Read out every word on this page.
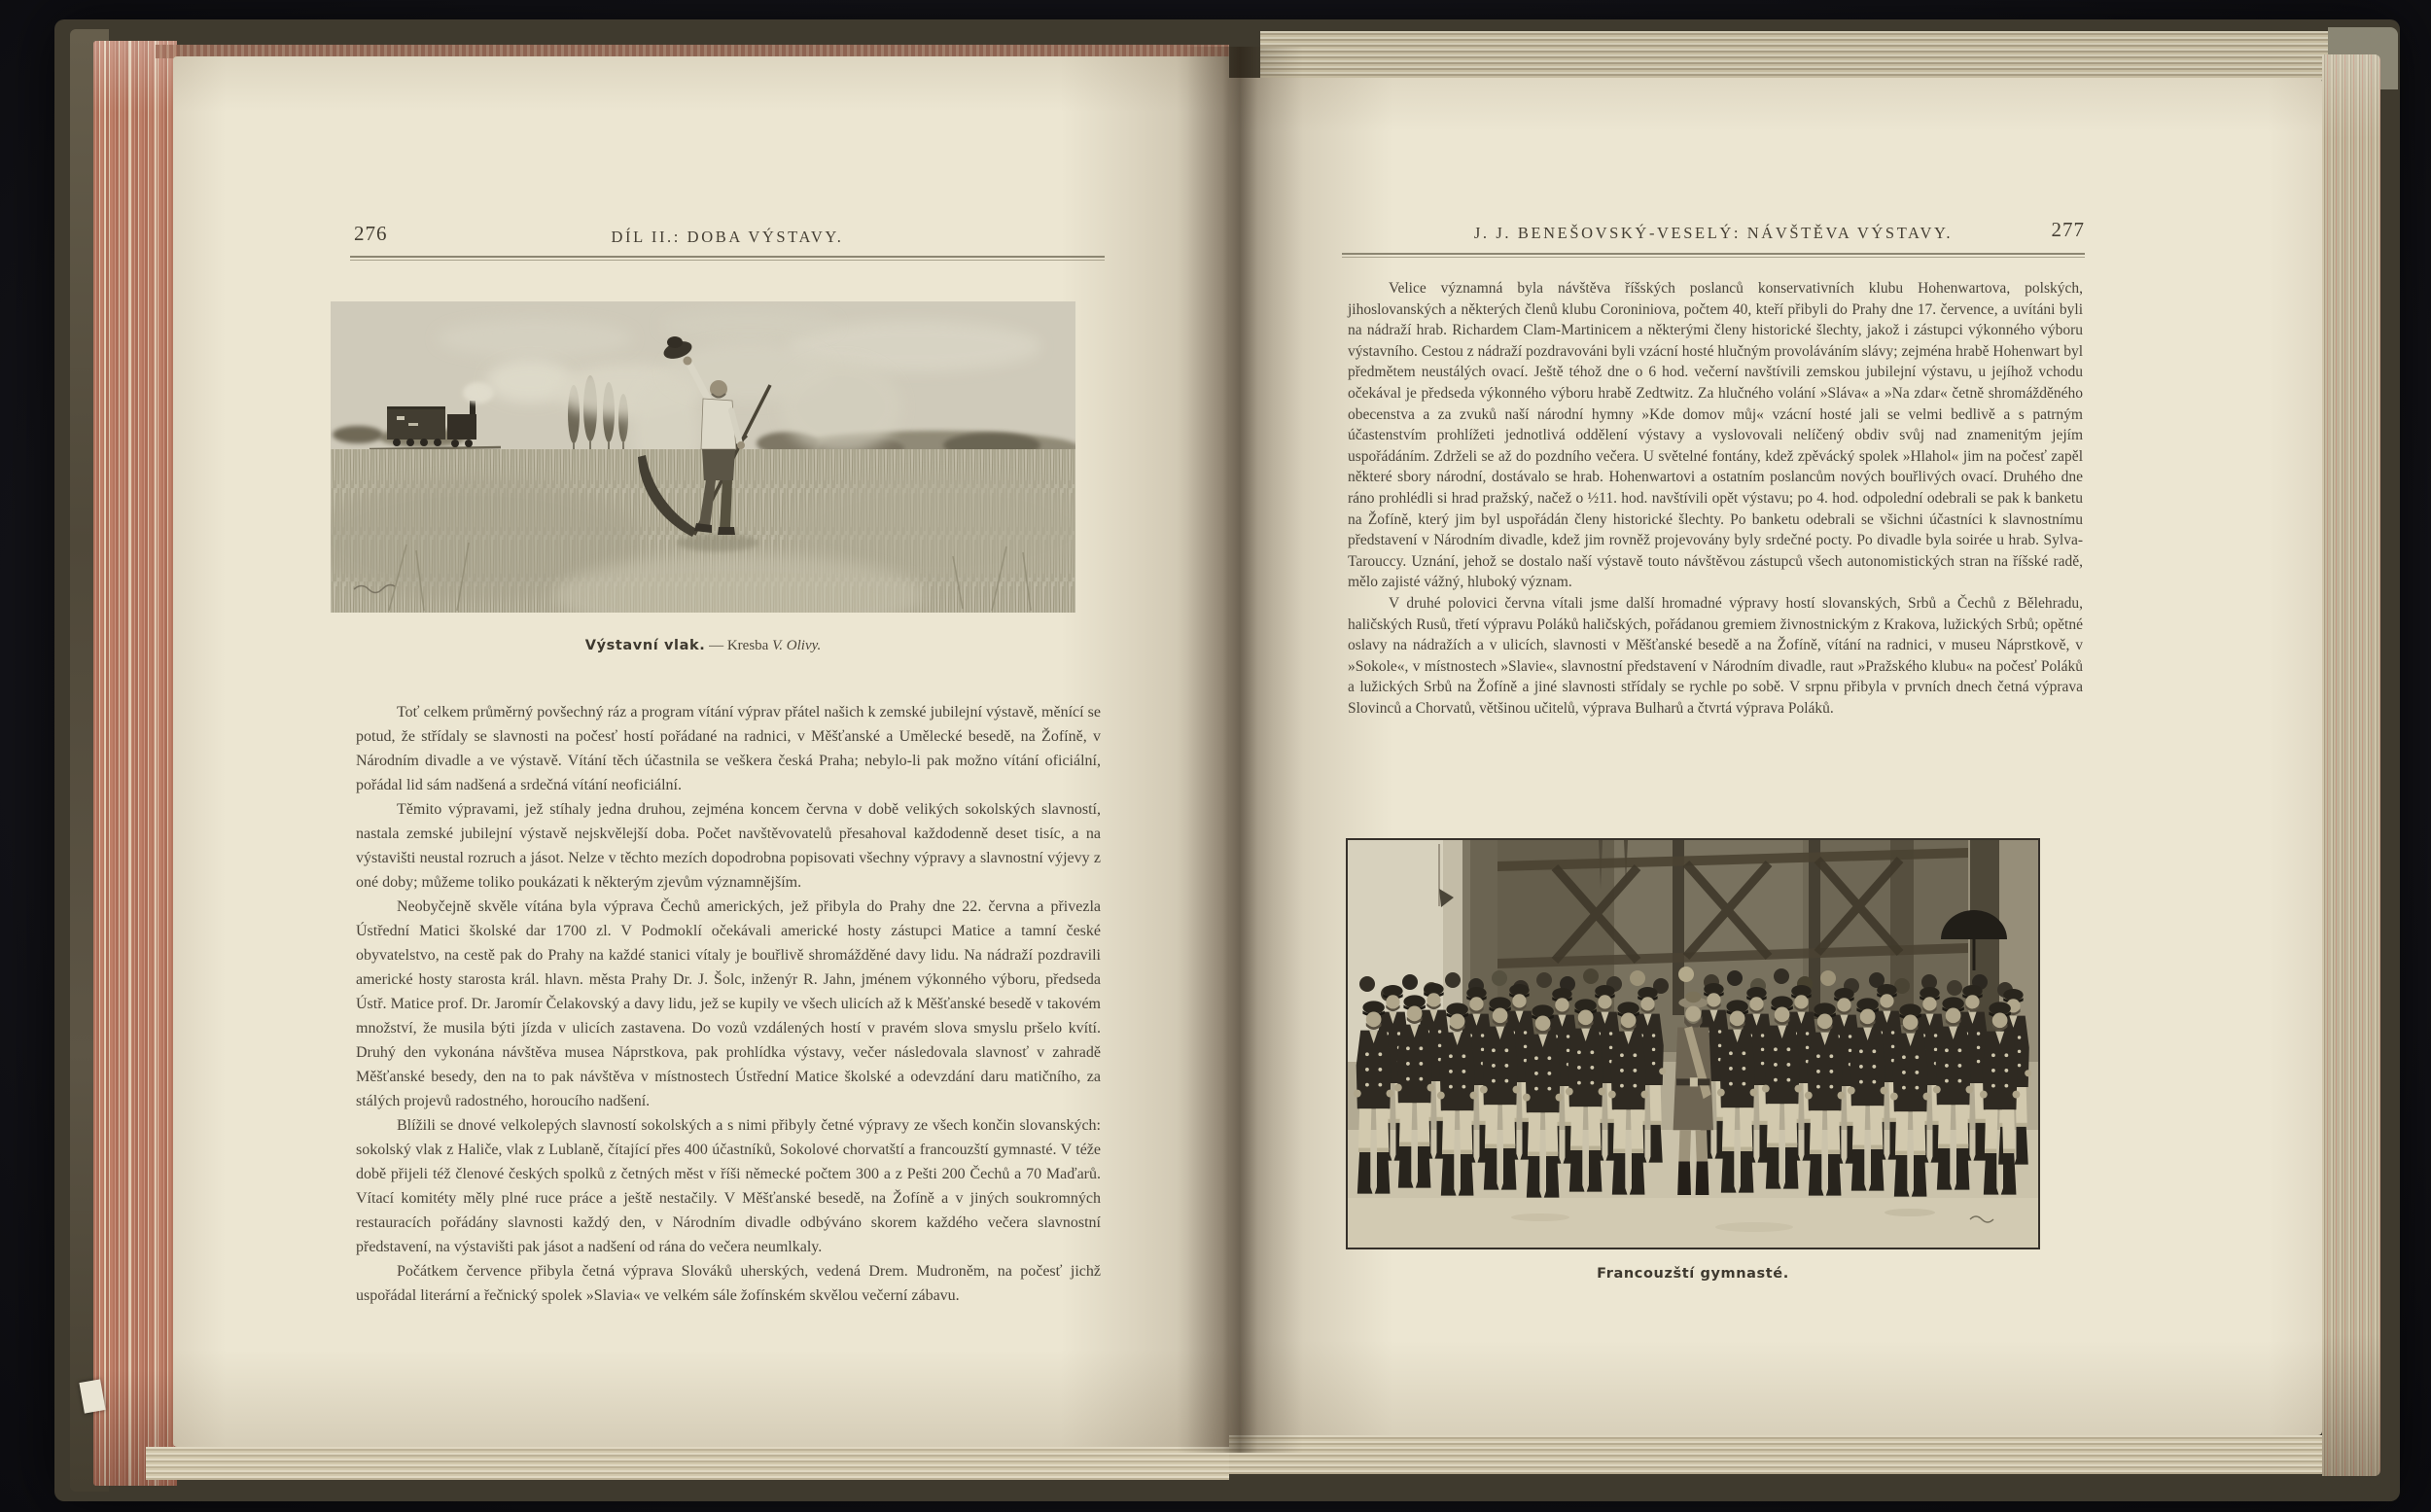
276	DÍL II.: DOBA VÝSTAVY.
Výstavní vlak. — Kresba V. Olivy.

Toť celkem průměrný povšechný ráz a program vítání výprav přátel našich k zemské jubilejní výstavě, měnící se potud, že střídaly se slavnosti na počesť hostí pořádané na radnici, v Měšťanské a Umělecké besedě, na Žofíně, v Národním divadle a ve výstavě. Vítání těch účastnila se veškera česká Praha; nebylo-li pak možno vítání oficiální, pořádal lid sám nadšená a srdečná vítání neoficiální.

Těmito výpravami, jež stíhaly jedna druhou, zejména koncem června v době velikých sokolských slavností, nastala zemské jubilejní výstavě nejskvělejší doba. Počet navštěvovatelů přesahoval každodenně deset tisíc, a na výstavišti neustal rozruch a jásot. Nelze v těchto mezích dopodrobna popisovati všechny výpravy a slavnostní výjevy z oné doby; můžeme toliko poukázati k některým zjevům významnějším.

Neobyčejně skvěle vítána byla výprava Čechů amerických, jež přibyla do Prahy dne 22. června a přivezla Ústřední Matici školské dar 1700 zl. V Podmoklí očekávali americké hosty zástupci Matice a tamní české obyvatelstvo, na cestě pak do Prahy na každé stanici vítaly je bouřlivě shromážděné davy lidu. Na nádraží pozdravili americké hosty starosta král. hlavn. města Prahy Dr. J. Šolc, inženýr R. Jahn, jménem výkonného výboru, předseda Ústř. Matice prof. Dr. Jaromír Čelakovský a davy lidu, jež se kupily ve všech ulicích až k Měšťanské besedě v takovém množství, že musila býti jízda v ulicích zastavena. Do vozů vzdálených hostí v pravém slova smyslu pršelo kvítí. Druhý den vykonána návštěva musea Náprstkova, pak prohlídka výstavy, večer následovala slavnosť v zahradě Měšťanské besedy, den na to pak návštěva v místnostech Ústřední Matice školské a odevzdání daru matičního, za stálých projevů radostného, horoucího nadšení.

Blížili se dnové velkolepých slavností sokolských a s nimi přibyly četné výpravy ze všech končin slovanských: sokolský vlak z Haliče, vlak z Lublaně, čítající přes 400 účastníků, Sokolové chorvatští a francouzští gymnasté. V téže době přijeli též členové českých spolků z četných měst v říši německé počtem 300 a z Pešti 200 Čechů a 70 Maďarů. Vítací komitéty měly plné ruce práce a ještě nestačily. V Měšťanské besedě, na Žofíně a v jiných soukromných restauracích pořádány slavnosti každý den, v Národním divadle odbýváno skorem každého večera slavnostní představení, na výstavišti pak jásot a nadšení od rána do večera neumlkaly.

Počátkem července přibyla četná výprava Slováků uherských, vedená Drem. Mudroněm, na počesť jichž uspořádal literární a řečnický spolek »Slavia« ve velkém sále žofínském skvělou večerní zábavu.

J. J. BENEŠOVSKÝ-VESELÝ: NÁVŠTĚVA VÝSTAVY.	277

Velice významná byla návštěva říšských poslanců konservativních klubu Hohenwartova, polských, jihoslovanských a některých členů klubu Coroniniova, počtem 40, kteří přibyli do Prahy dne 17. července, a uvítáni byli na nádraží hrab. Richardem Clam-Martinicem a některými členy historické šlechty, jakož i zástupci výkonného výboru výstavního. Cestou z nádraží pozdravováni byli vzácní hosté hlučným provoláváním slávy; zejména hrabě Hohenwart byl předmětem neustálých ovací. Ještě téhož dne o 6 hod. večerní navštívili zemskou jubilejní výstavu, u jejíhož vchodu očekával je předseda výkonného výboru hrabě Zedtwitz. Za hlučného volání »Sláva« a »Na zdar« četně shromážděného obecenstva a za zvuků naší národní hymny »Kde domov můj« vzácní hosté jali se velmi bedlivě a s patrným účastenstvím prohlížeti jednotlivá oddělení výstavy a vyslovovali nelíčený obdiv svůj nad znamenitým jejím uspořádáním. Zdrželi se až do pozdního večera. U světelné fontány, kdež zpěvácký spolek »Hlahol« jim na počesť zapěl některé sbory národní, dostávalo se hrab. Hohenwartovi a ostatním poslancům nových bouřlivých ovací. Druhého dne ráno prohlédli si hrad pražský, načež o ½11. hod. navštívili opět výstavu; po 4. hod. odpolední odebrali se pak k banketu na Žofíně, který jim byl uspořádán členy historické šlechty. Po banketu odebrali se všichni účastníci k slavnostnímu představení v Národním divadle, kdež jim rovněž projevovány byly srdečné pocty. Po divadle byla soirée u hrab. Sylva-Tarouccy. Uznání, jehož se dostalo naší výstavě touto návštěvou zástupců všech autonomistických stran na říšské radě, mělo zajisté vážný, hluboký význam.

V druhé polovici června vítali jsme další hromadné výpravy hostí slovanských, Srbů a Čechů z Bělehradu, haličských Rusů, třetí výpravu Poláků haličských, pořádanou gremiem živnostnickým z Krakova, lužických Srbů; opětné oslavy na nádražích a v ulicích, slavnosti v Měšťanské besedě a na Žofíně, vítání na radnici, v museu Náprstkově, v »Sokole«, v místnostech »Slavie«, slavnostní představení v Národním divadle, raut »Pražského klubu« na počesť Poláků a lužických Srbů na Žofíně a jiné slavnosti střídaly se rychle po sobě. V srpnu přibyla v prvních dnech četná výprava Slovinců a Chorvatů, většinou učitelů, výprava Bulharů a čtvrtá výprava Poláků.

Francouzští gymnasté.
